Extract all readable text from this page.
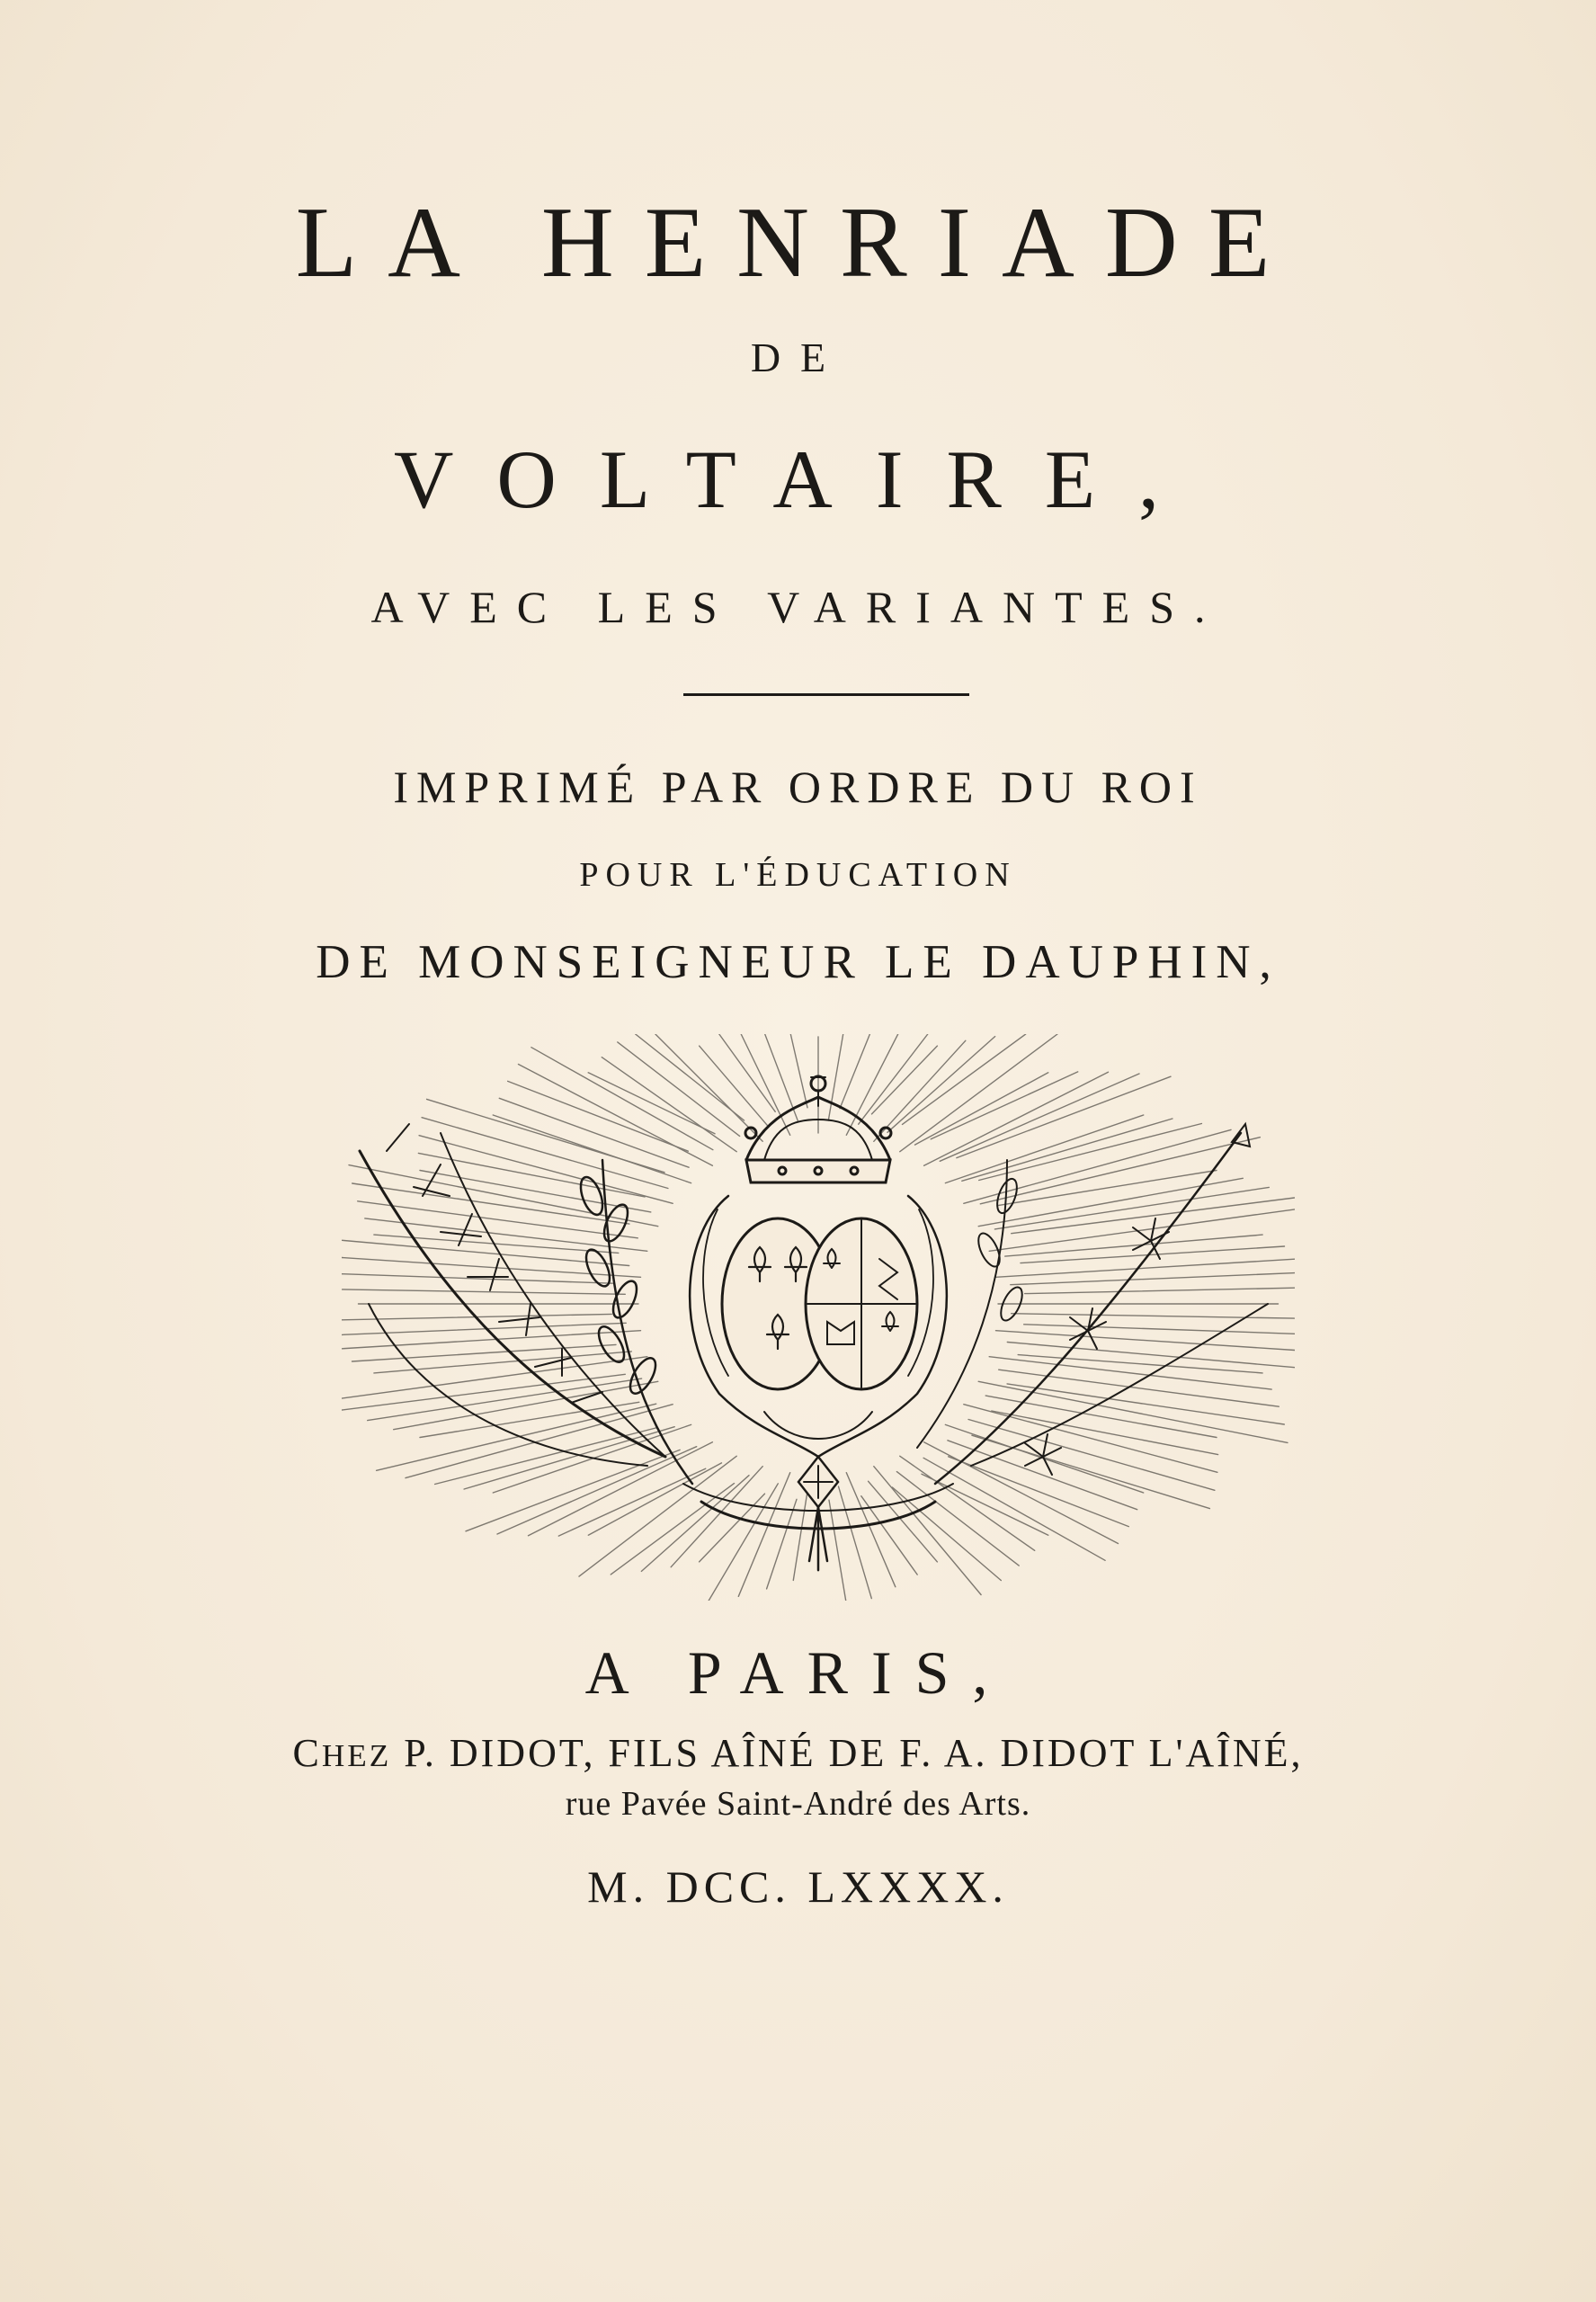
LA HENRIADE
DE
VOLTAIRE,
AVEC LES VARIANTES.
IMPRIMÉ PAR ORDRE DU ROI
POUR L'ÉDUCATION
DE MONSEIGNEUR LE DAUPHIN,
A PARIS,
CHEZ P. DIDOT, FILS AÎNÉ DE F. A. DIDOT L'AÎNÉ,
rue Pavée Saint-André des Arts.
M. DCC. LXXXX.
